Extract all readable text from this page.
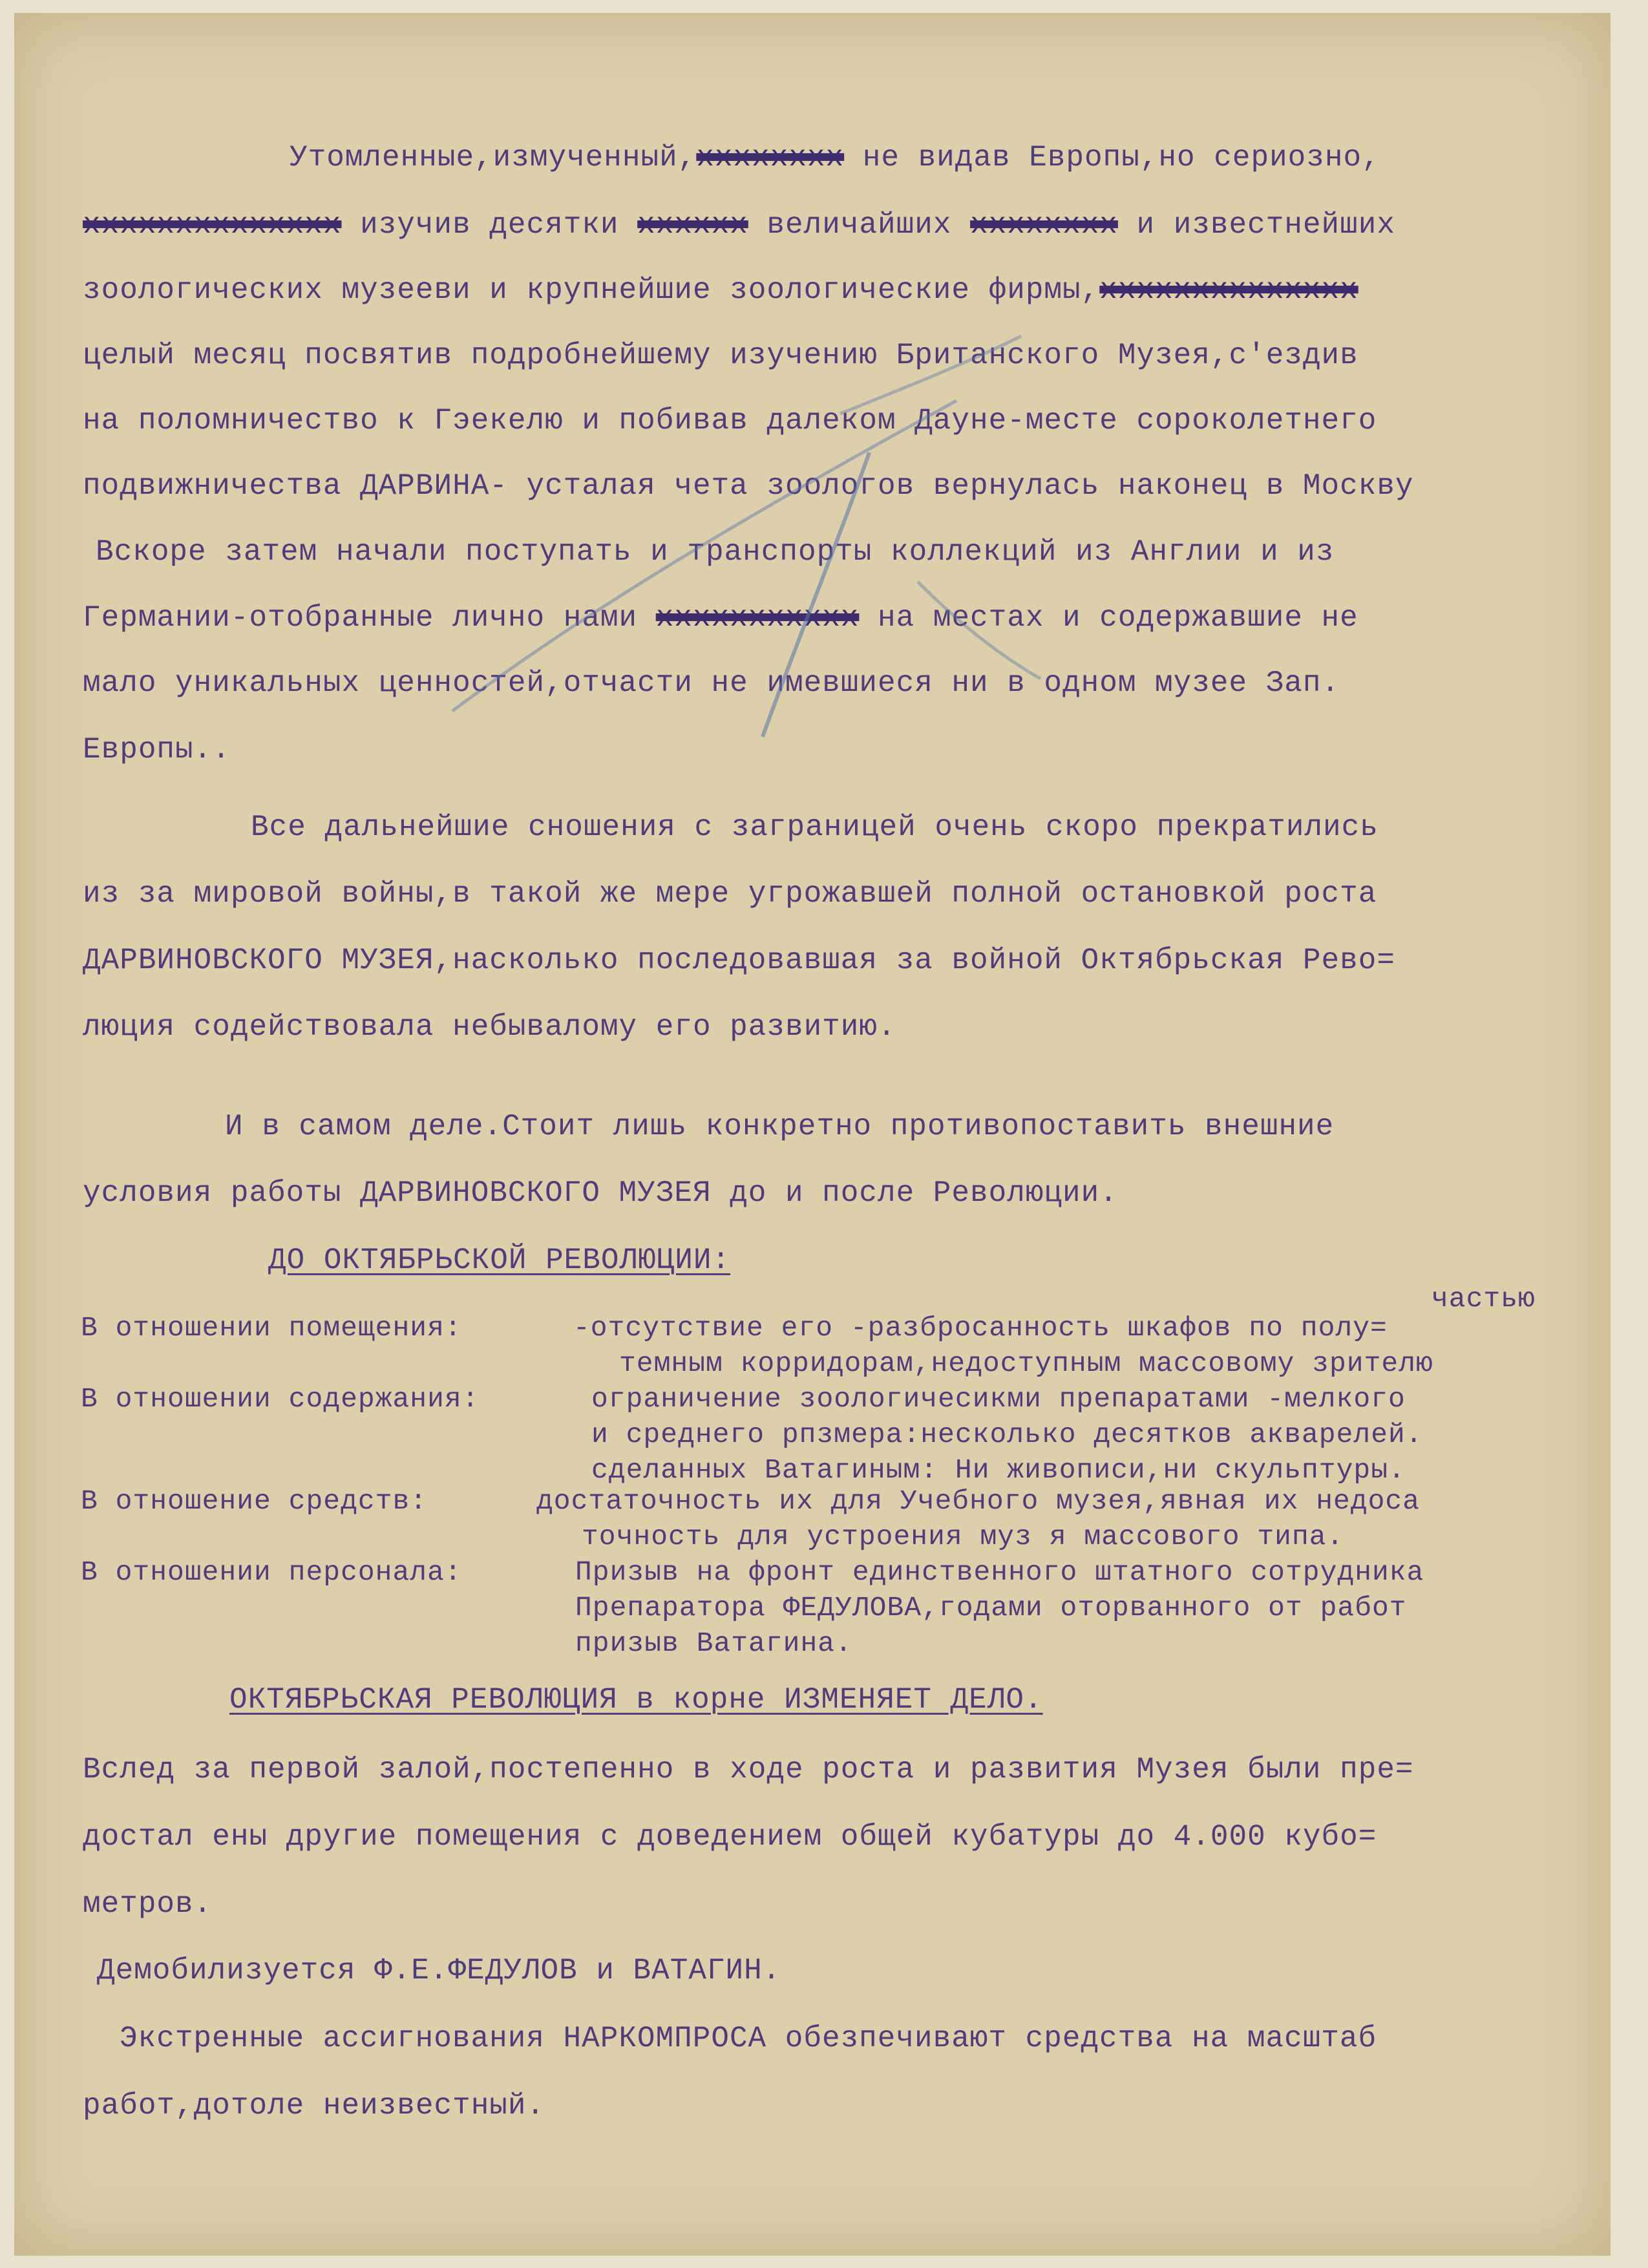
Утомленные,измученный,xxxxxxxx не видав Европы,но сериозно,
xxxxxxxxxxxxxx изучив десятки xxxxxx величайших xxxxxxxx и известнейших
зоологических музееви и крупнейшие зоологические фирмы,xxxxxxxxxxxxxx
целый месяц посвятив подробнейшему изучению Британского Музея,с'ездив
на поломничество к Гэекелю и побивав далеком Дауне-месте сороколетнего
подвижничества ДАРВИНА- усталая чета зоологов вернулась наконец в Москву
Вскоре затем начали поступать и транспорты коллекций из Англии и из
Германии-отобранные лично нами xxxxxxxxxxx на местах и содержавшие не
мало уникальных ценностей,отчасти не имевшиеся ни в одном музее Зап.
Европы..
Все дальнейшие сношения с заграницей очень скоро прекратились
из за мировой войны,в такой же мере угрожавшей полной остановкой роста
ДАРВИНОВСКОГО МУЗЕЯ,насколько последовавшая за войной Октябрьская Рево=
люция содействовала небывалому его развитию.
И в самом деле.Стоит лишь конкретно противопоставить внешние
условия работы ДАРВИНОВСКОГО МУЗЕЯ до и после Революции.
ДО ОКТЯБРЬСКОЙ РЕВОЛЮЦИИ:
частью
В отношении помещения:	-отсутствие его -разбросанность шкафов по полу=
темным корридорам,недоступным массовому зрителю
В отношении содержания:	ограничение зоологичесикми препаратами -мелкого
и среднего рпзмера:несколько десятков акварелей.
сделанных Ватагиным: Ни живописи,ни скульптуры.
В отношение средств:	достаточность их для Учебного музея,явная их недоса
точность для устроения муз я массового типа.
В отношении персонала:	Призыв на фронт единственного штатного сотрудника
Препаратора ФЕДУЛОВА,годами оторванного от работ
призыв Ватагина.
ОКТЯБРЬСКАЯ РЕВОЛЮЦИЯ в корне ИЗМЕНЯЕТ ДЕЛО.
Вслед за первой залой,постепенно в ходе роста и развития Музея были пре=
достал ены другие помещения с доведением общей кубатуры до 4.000 кубо=
метров.
Демобилизуется Ф.Е.ФЕДУЛОВ и ВАТАГИН.
Экстренные ассигнования НАРКОМПРОСА обезпечивают средства на масштаб
работ,дотоле неизвестный.
